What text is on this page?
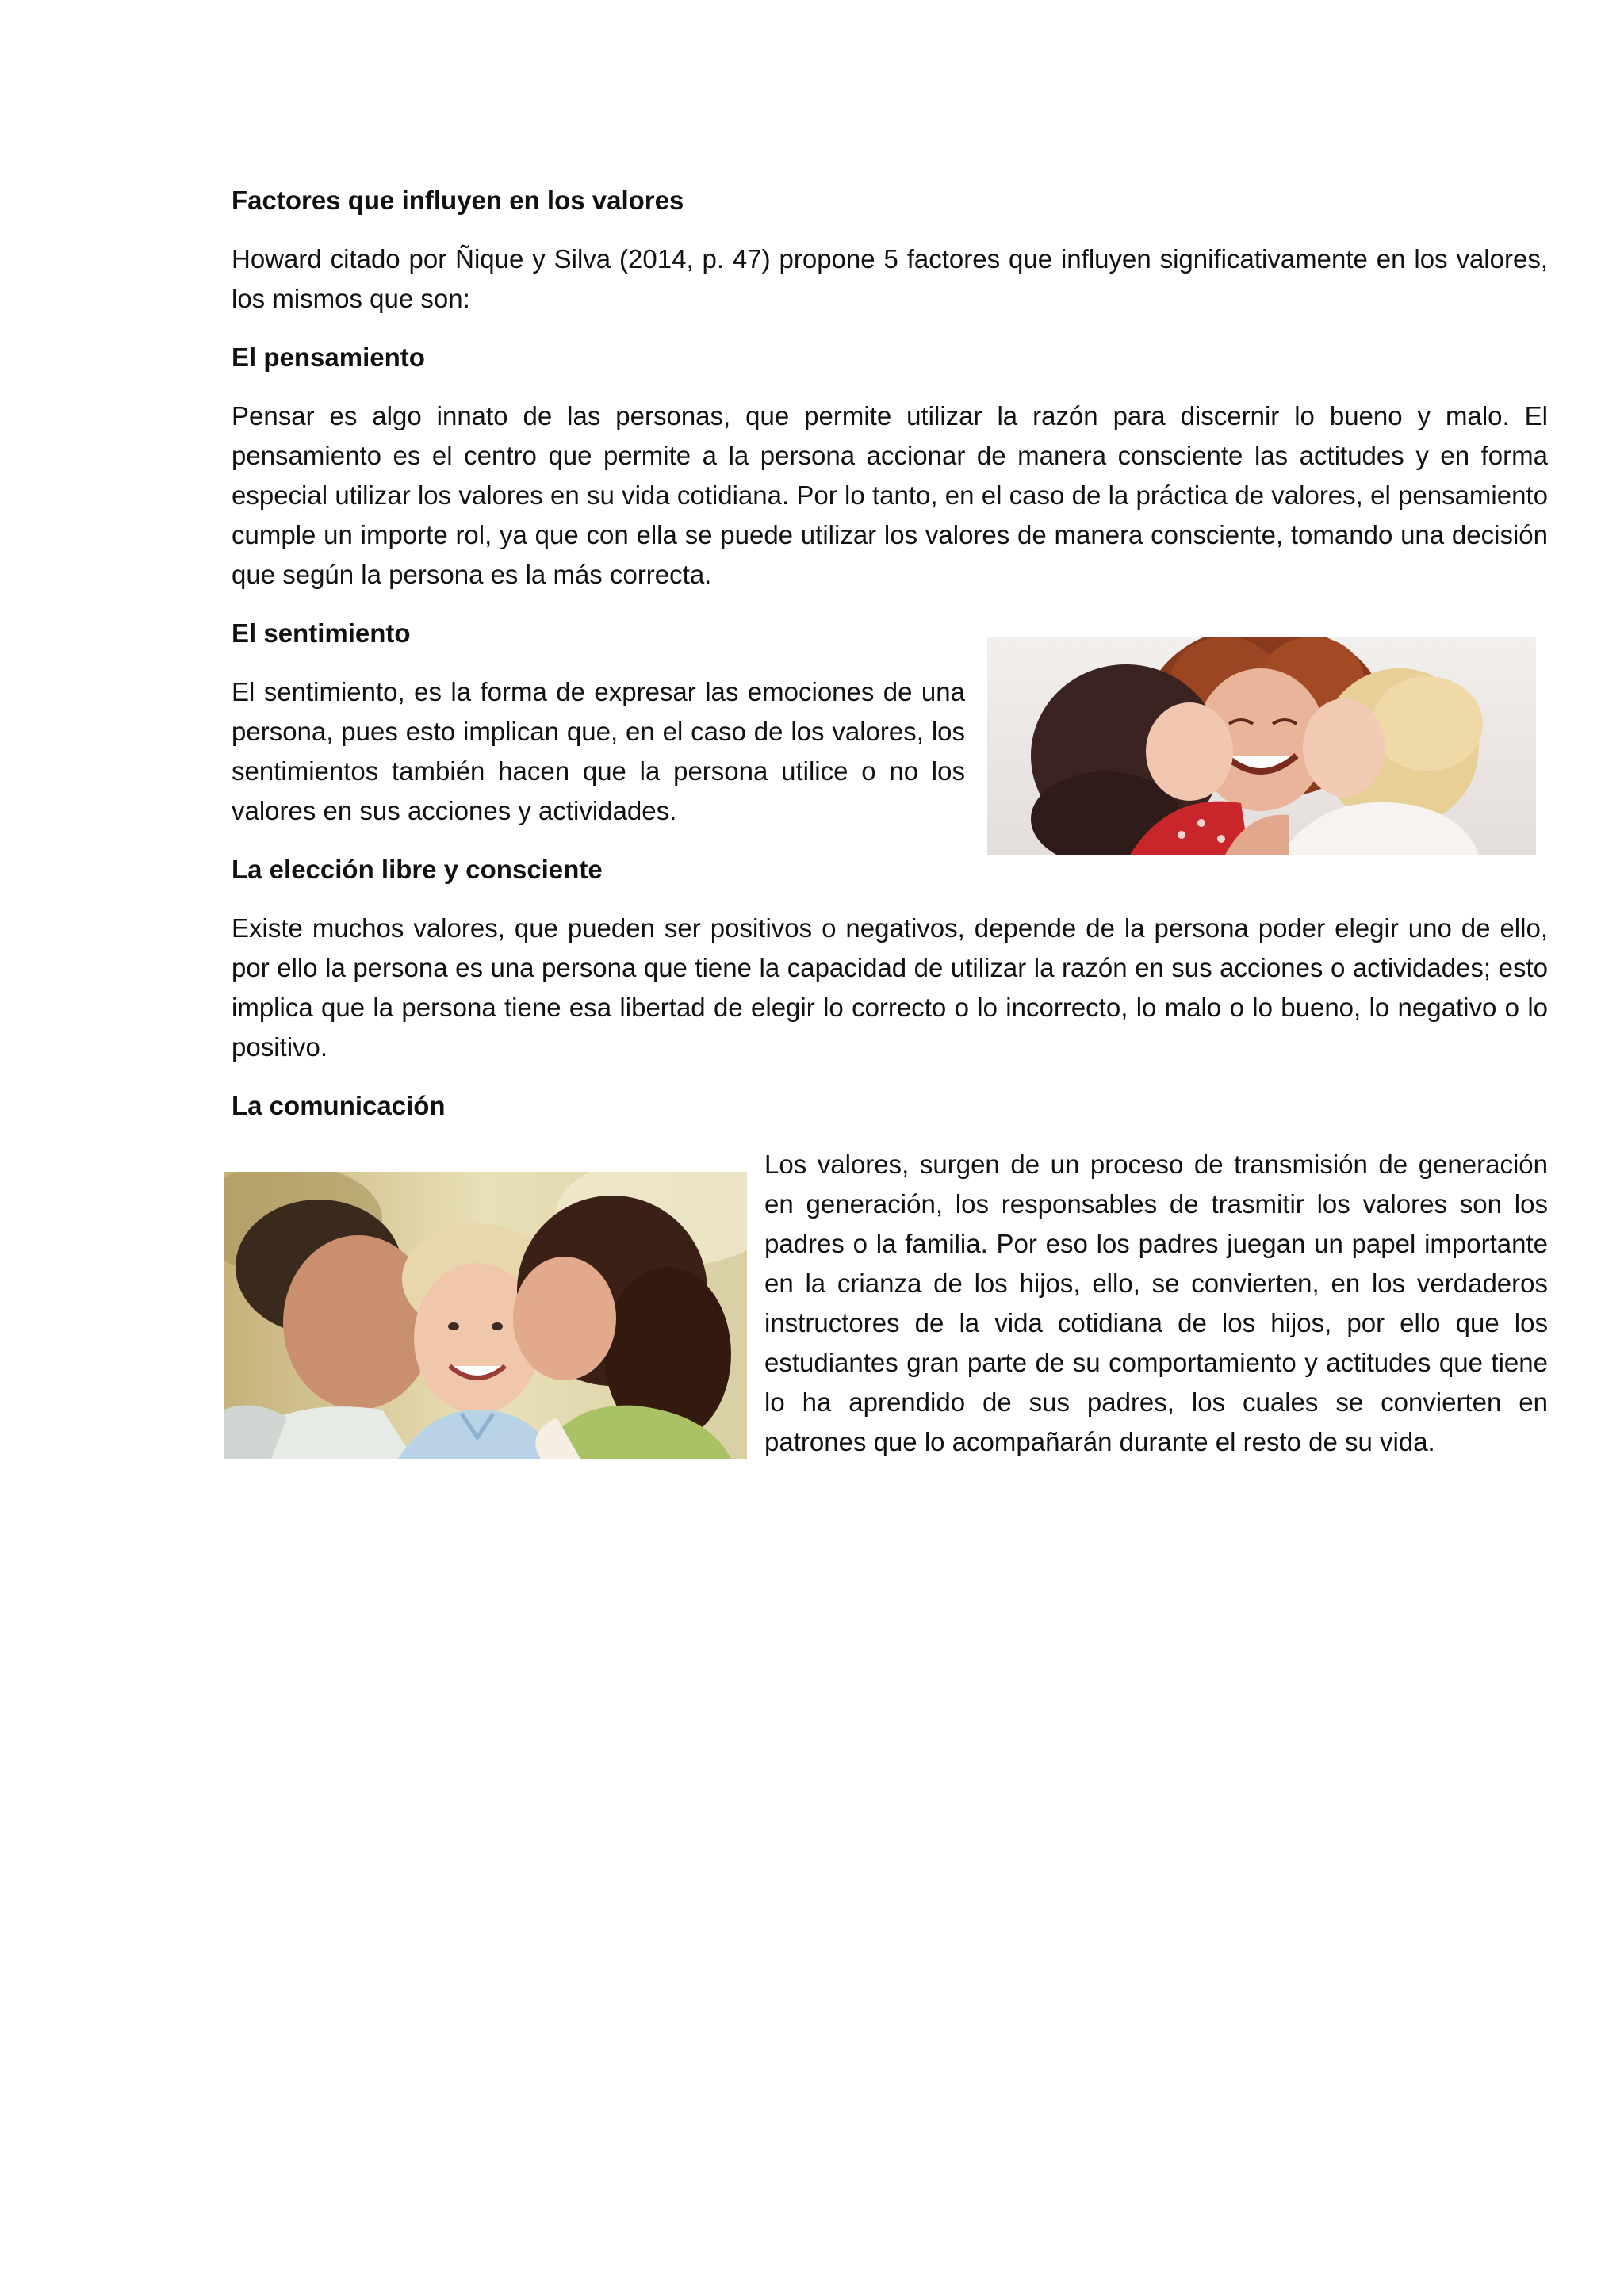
Factores que influyen en los valores

Howard citado por Ñique y Silva (2014, p. 47) propone 5 factores que influyen significativamente en los valores, los mismos que son:

El pensamiento

Pensar es algo innato de las personas, que permite utilizar la razón para discernir lo bueno y malo. El pensamiento es el centro que permite a la persona accionar de manera consciente las actitudes y en forma especial utilizar los valores en su vida cotidiana. Por lo tanto, en el caso de la práctica de valores, el pensamiento cumple un importe rol, ya que con ella se puede utilizar los valores de manera consciente, tomando una decisión que según la persona es la más correcta.

El sentimiento

El sentimiento, es la forma de expresar las emociones de una persona, pues esto implican que, en el caso de los valores, los sentimientos también hacen que la persona utilice o no los valores en sus acciones y actividades.

La elección libre y consciente

Existe muchos valores, que pueden ser positivos o negativos, depende de la persona poder elegir uno de ello, por ello la persona es una persona que tiene la capacidad de utilizar la razón en sus acciones o actividades; esto implica que la persona tiene esa libertad de elegir lo correcto o lo incorrecto, lo malo o lo bueno, lo negativo o lo positivo.

La comunicación

Los valores, surgen de un proceso de transmisión de generación en generación, los responsables de trasmitir los valores son los padres o la familia. Por eso los padres juegan un papel importante en la crianza de los hijos, ello, se convierten, en los verdaderos instructores de la vida cotidiana de los hijos, por ello que los estudiantes gran parte de su comportamiento y actitudes que tiene lo ha aprendido de sus padres, los cuales se convierten en patrones que lo acompañarán durante el resto de su vida.
